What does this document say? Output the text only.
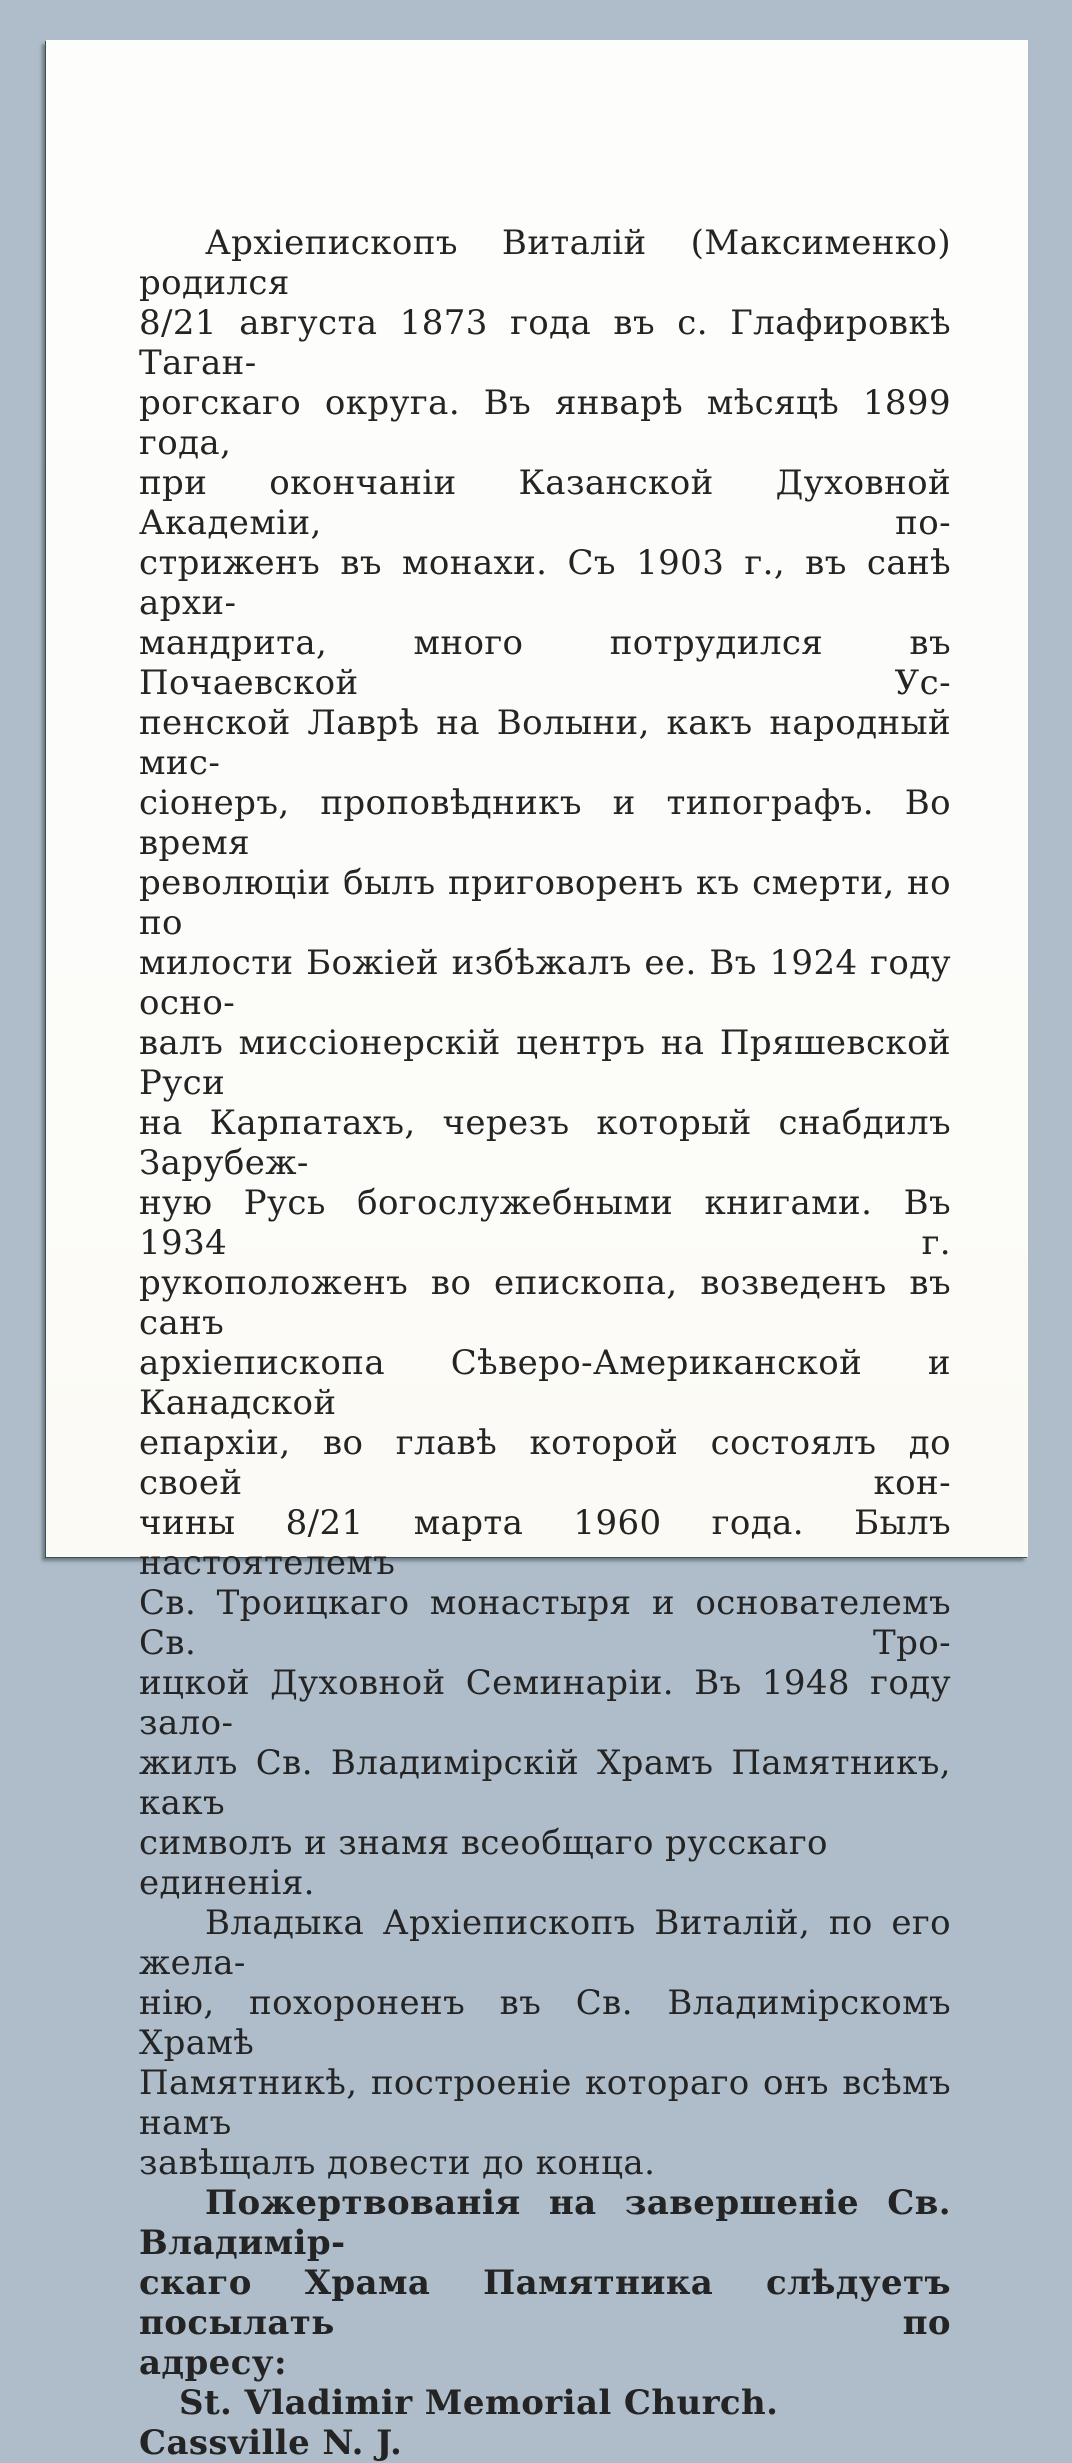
Архіепископъ Виталій (Максименко) родился
8/21 августа 1873 года въ с. Глафировкѣ Таган-
рогскаго округа. Въ январѣ мѣсяцѣ 1899 года,
при окончаніи Казанской Духовной Академіи, по-
стриженъ въ монахи. Съ 1903 г., въ санѣ архи-
мандрита, много потрудился въ Почаевской Ус-
пенской Лаврѣ на Волыни, какъ народный мис-
сіонеръ, проповѣдникъ и типографъ. Во время
революціи былъ приговоренъ къ смерти, но по
милости Божіей избѣжалъ ее. Въ 1924 году осно-
валъ миссіонерскій центръ на Пряшевской Руси
на Карпатахъ, черезъ который снабдилъ Зарубеж-
ную Русь богослужебными книгами. Въ 1934 г.
рукоположенъ во епископа, возведенъ въ санъ
архіепископа Сѣверо-Американской и Канадской
епархіи, во главѣ которой состоялъ до своей кон-
чины 8/21 марта 1960 года. Былъ настоятелемъ
Св. Троицкаго монастыря и основателемъ Св. Тро-
ицкой Духовной Семинаріи. Въ 1948 году зало-
жилъ Св. Владимірскій Храмъ Памятникъ, какъ
символъ и знамя всеобщаго русскаго единенія.
Владыка Архіепископъ Виталій, по его жела-
нію, похороненъ въ Св. Владимірскомъ Храмѣ
Памятникѣ, построеніе котораго онъ всѣмъ намъ
завѣщалъ довести до конца.
Пожертвованія на завершеніе Св. Владимір-
скаго Храма Памятника слѣдуетъ посылать по
адресу:
St. Vladimir Memorial Church. Cassville N. J.
